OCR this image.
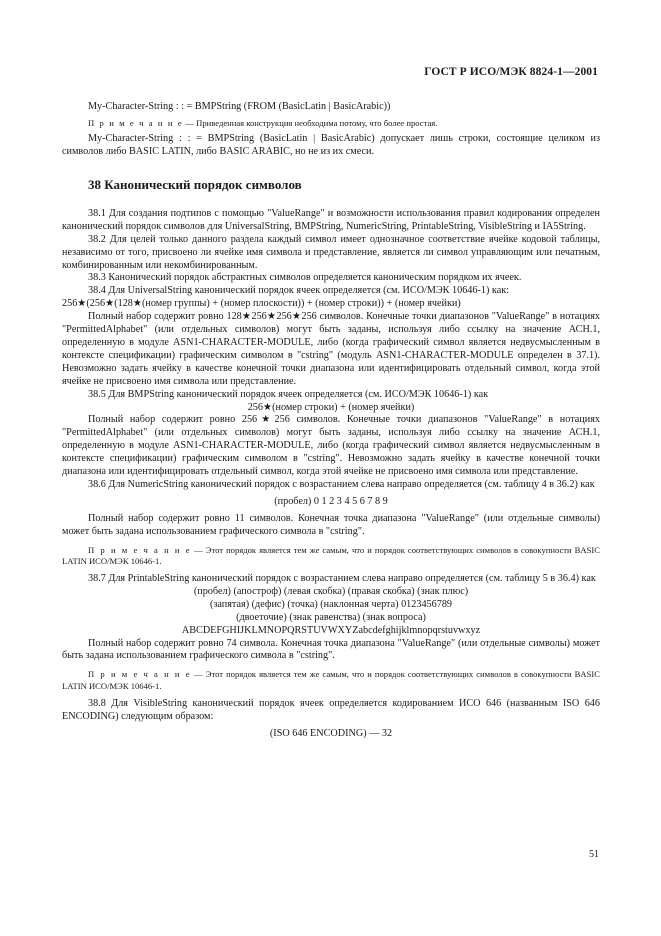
ГОСТ Р ИСО/МЭК 8824-1—2001

My-Character-String : : = BMPString (FROM (BasicLatin | BasicArabic))

П р и м е ч а н и е — Приведенная конструкция необходима потому, что более простая.

My-Character-String : : = BMPString (BasicLatin | BasicArabic) допускает лишь строки, состоящие целиком из символов либо BASIC LATIN, либо BASIC ARABIC, но не из их смеси.

38 Канонический порядок символов

38.1 Для создания подтипов с помощью "ValueRange" и возможности использования правил кодирования определен канонический порядок символов для UniversalString, BMPString, NumericString, PrintableString, VisibleString и IA5String.

38.2 Для целей только данного раздела каждый символ имеет однозначное соответствие ячейке кодовой таблицы, независимо от того, присвоено ли ячейке имя символа и представление, является ли символ управляющим или печатным, комбинированным или некомбинированным.

38.3 Канонический порядок абстрактных символов определяется каноническим порядком их ячеек.

38.4 Для UniversalString канонический порядок ячеек определяется (см. ИСО/МЭК 10646-1) как:

256★(256★(128★(номер группы) + (номер плоскости)) + (номер строки)) + (номер ячейки)

Полный набор содержит ровно 128★256★256★256 символов. Конечные точки диапазонов "ValueRange" в нотациях "PermittedAlphabet" (или отдельных символов) могут быть заданы, используя либо ссылку на значение АСН.1, определенную в модуле ASN1-CHARACTER-MODULE, либо (когда графический символ является недвусмысленным в контексте спецификации) графическим символом в "cstring" (модуль ASN1-CHARACTER-MODULE определен в 37.1). Невозможно задать ячейку в качестве конечной точки диапазона или идентифицировать отдельный символ, когда этой ячейке не присвоено имя символа или представление.

38.5 Для BMPString канонический порядок ячеек определяется (см. ИСО/МЭК 10646-1) как

256★(номер строки) + (номер ячейки)

Полный набор содержит ровно 256★256 символов. Конечные точки диапазонов "ValueRange" в нотациях "PermittedAlphabet" (или отдельных символов) могут быть заданы, используя либо ссылку на значение АСН.1, определенную в модуле ASN1-CHARACTER-MODULE, либо (когда графический символ является недвусмысленным в контексте спецификации) графическим символом в "cstring". Невозможно задать ячейку в качестве конечной точки диапазона или идентифицировать отдельный символ, когда этой ячейке не присвоено имя символа или представление.

38.6 Для NumericString канонический порядок с возрастанием слева направо определяется (см. таблицу 4 в 36.2) как

(пробел) 0 1 2 3 4 5 6 7 8 9

Полный набор содержит ровно 11 символов. Конечная точка диапазона "ValueRange" (или отдельные символы) может быть задана использованием графического символа в "cstring".

П р и м е ч а н и е — Этот порядок является тем же самым, что и порядок соответствующих символов в совокупности BASIC LATIN ИСО/МЭК 10646-1.

38.7 Для PrintableString канонический порядок с возрастанием слева направо определяется (см. таблицу 5 в 36.4) как

(пробел) (апостроф) (левая скобка) (правая скобка) (знак плюс)

(запятая) (дефис) (точка) (наклонная черта) 0123456789

(двоеточие) (знак равенства) (знак вопроса)

ABCDEFGHIJKLMNOPQRSTUVWXYZabcdefghijklmnopqrstuvwxyz

Полный набор содержит ровно 74 символа. Конечная точка диапазона "ValueRange" (или отдельные символы) может быть задана использованием графического символа в "cstring".

П р и м е ч а н и е — Этот порядок является тем же самым, что и порядок соответствующих символов в совокупности BASIC LATIN ИСО/МЭК 10646-1.

38.8 Для VisibleString канонический порядок ячеек определяется кодированием ИСО 646 (названным ISO 646 ENCODING) следующим образом:

(ISO 646 ENCODING) — 32

51
